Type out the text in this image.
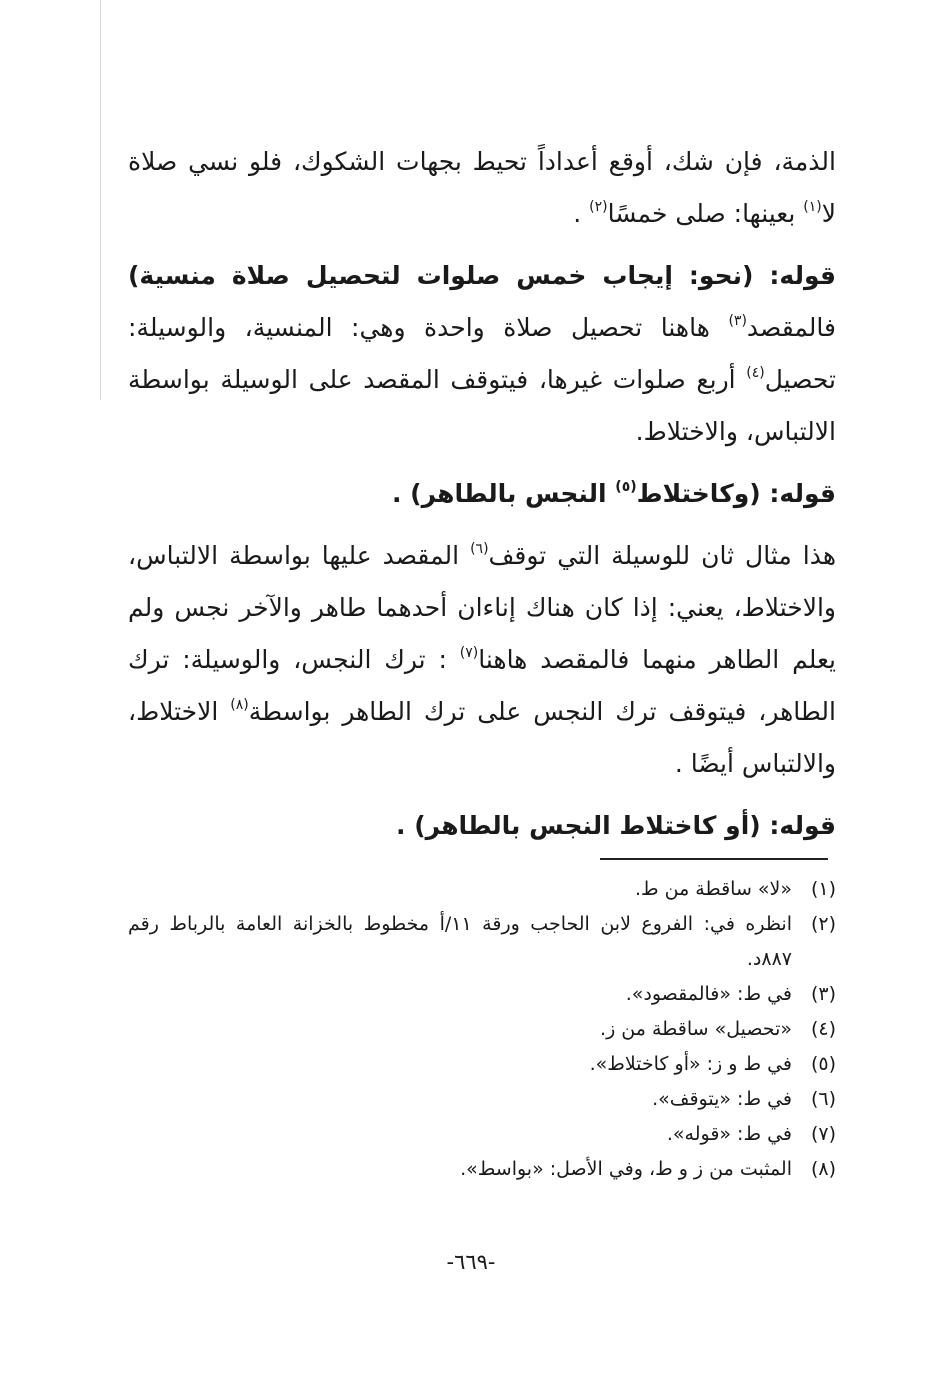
الذمة، فإن شك، أوقع أعداداً تحيط بجهات الشكوك، فلو نسي صلاة لا$^{(١)}$ بعينها: صلى خمسًا$^{(٢)}$ .

قوله: (نحو: إيجاب خمس صلوات لتحصيل صلاة منسية) فالمقصد$^{(٣)}$ هاهنا تحصيل صلاة واحدة وهي: المنسية، والوسيلة: تحصيل$^{(٤)}$ أربع صلوات غيرها، فيتوقف المقصد على الوسيلة بواسطة الالتباس، والاختلاط.

قوله: (وكاختلاط$^{(٥)}$ النجس بالطاهر) .

هذا مثال ثان للوسيلة التي توقف$^{(٦)}$ المقصد عليها بواسطة الالتباس، والاختلاط، يعني: إذا كان هناك إناءان أحدهما طاهر والآخر نجس ولم يعلم الطاهر منهما فالمقصد هاهنا$^{(٧)}$ : ترك النجس، والوسيلة: ترك الطاهر، فيتوقف ترك النجس على ترك الطاهر بواسطة$^{(٨)}$ الاختلاط، والالتباس أيضًا .

قوله: (أو كاختلاط النجس بالطاهر) .

(١)
«لا» ساقطة من ط.
(٢)
انظره في: الفروع لابن الحاجب ورقة ١١/أ مخطوط بالخزانة العامة بالرباط رقم ٨٨٧د.
(٣)
في ط: «فالمقصود».
(٤)
«تحصيل» ساقطة من ز.
(٥)
في ط و ز: «أو كاختلاط».
(٦)
في ط: «يتوقف».
(٧)
في ط: «قوله».
(٨)
المثبت من ز و ط، وفي الأصل: «بواسط».
-٦٦٩-
